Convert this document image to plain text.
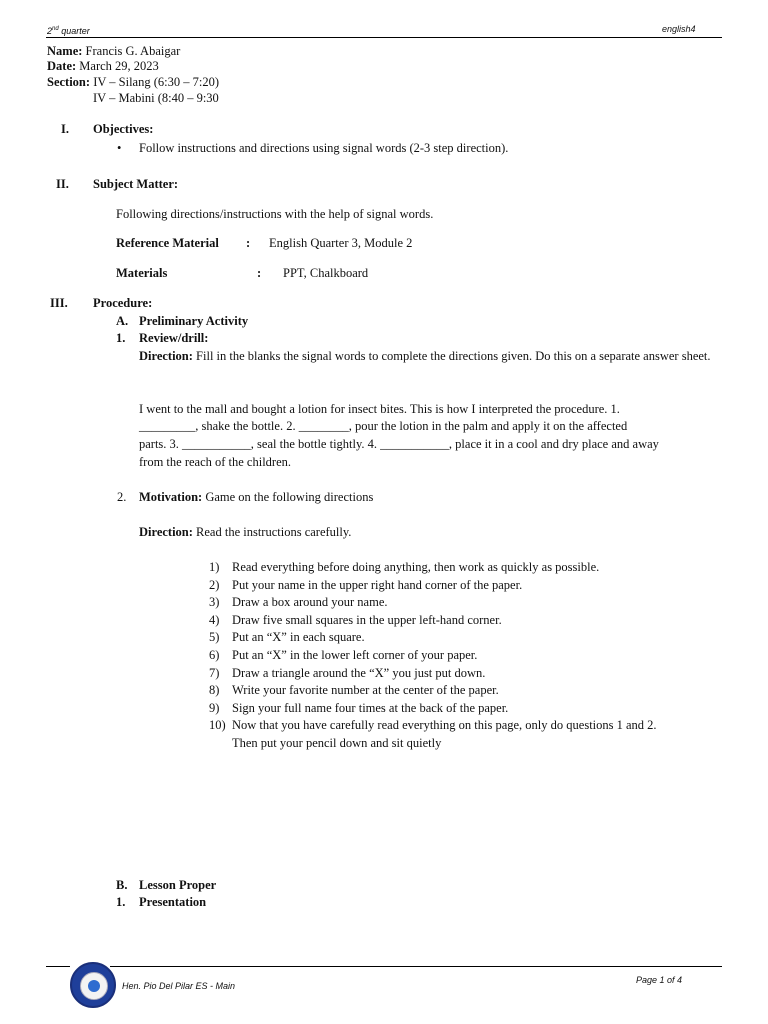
2nd quarter	english4
Name: Francis G. Abaigar
Date: March 29, 2023
Section: IV – Silang (6:30 – 7:20)
IV – Mabini (8:40 – 9:30
I. Objectives:
• Follow instructions and directions using signal words (2-3 step direction).
II. Subject Matter:
Following directions/instructions with the help of signal words.
Reference Material : English Quarter 3, Module 2
Materials	: PPT, Chalkboard
III. Procedure:
A. Preliminary Activity
1. Review/drill:
Direction: Fill in the blanks the signal words to complete the directions given. Do this on a separate answer sheet.
I went to the mall and bought a lotion for insect bites. This is how I interpreted the procedure. 1.
_________, shake the bottle. 2. ________, pour the lotion in the palm and apply it on the affected
parts. 3. ___________, seal the bottle tightly. 4. ___________, place it in a cool and dry place and away
from the reach of the children.
2. Motivation: Game on the following directions
Direction: Read the instructions carefully.
1) Read everything before doing anything, then work as quickly as possible.
2) Put your name in the upper right hand corner of the paper.
3) Draw a box around your name.
4) Draw five small squares in the upper left-hand corner.
5) Put an “X” in each square.
6) Put an “X” in the lower left corner of your paper.
7) Draw a triangle around the “X” you just put down.
8) Write your favorite number at the center of the paper.
9) Sign your full name four times at the back of the paper.
10) Now that you have carefully read everything on this page, only do questions 1 and 2.
Then put your pencil down and sit quietly
B. Lesson Proper
1. Presentation
Hen. Pio Del Pilar ES - Main
Page 1 of 4
